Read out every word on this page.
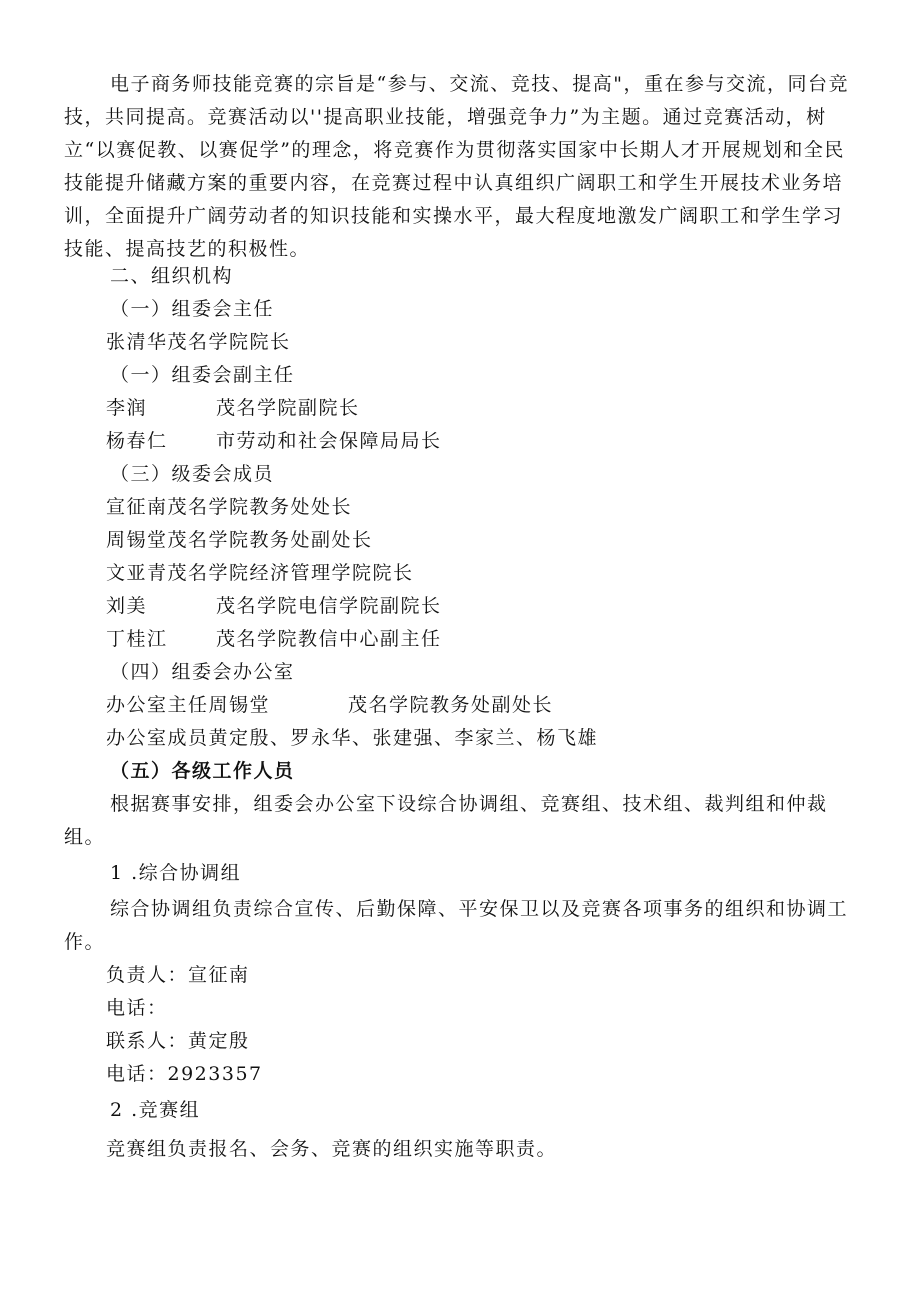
电子商务师技能竞赛的宗旨是“参与、交流、竞技、提高"，重在参与交流，同台竞技，共同提高。竞赛活动以''提高职业技能，增强竞争力”为主题。通过竞赛活动，树立“以赛促教、以赛促学”的理念，将竞赛作为贯彻落实国家中长期人才开展规划和全民技能提升储藏方案的重要内容，在竞赛过程中认真组织广阔职工和学生开展技术业务培训，全面提升广阔劳动者的知识技能和实操水平，最大程度地激发广阔职工和学生学习技能、提高技艺的积极性。

二、组织机构

（一）组委会主任

张清华茂名学院院长

（一）组委会副主任

李润	茂名学院副院长

杨春仁	市劳动和社会保障局局长

（三）级委会成员

宣征南茂名学院教务处处长

周锡堂茂名学院教务处副处长

文亚青茂名学院经济管理学院院长

刘美	茂名学院电信学院副院长

丁桂江	茂名学院教信中心副主任

（四）组委会办公室

办公室主任周锡堂	茂名学院教务处副处长

办公室成员黄定殷、罗永华、张建强、李家兰、杨飞雄

（五）各级工作人员

根据赛事安排，组委会办公室下设综合协调组、竞赛组、技术组、裁判组和仲裁组。

1 .综合协调组

综合协调组负责综合宣传、后勤保障、平安保卫以及竞赛各项事务的组织和协调工作。

负责人：宣征南

电话：

联系人：黄定殷

电话：2923357

2 .竞赛组

竞赛组负责报名、会务、竞赛的组织实施等职责。
